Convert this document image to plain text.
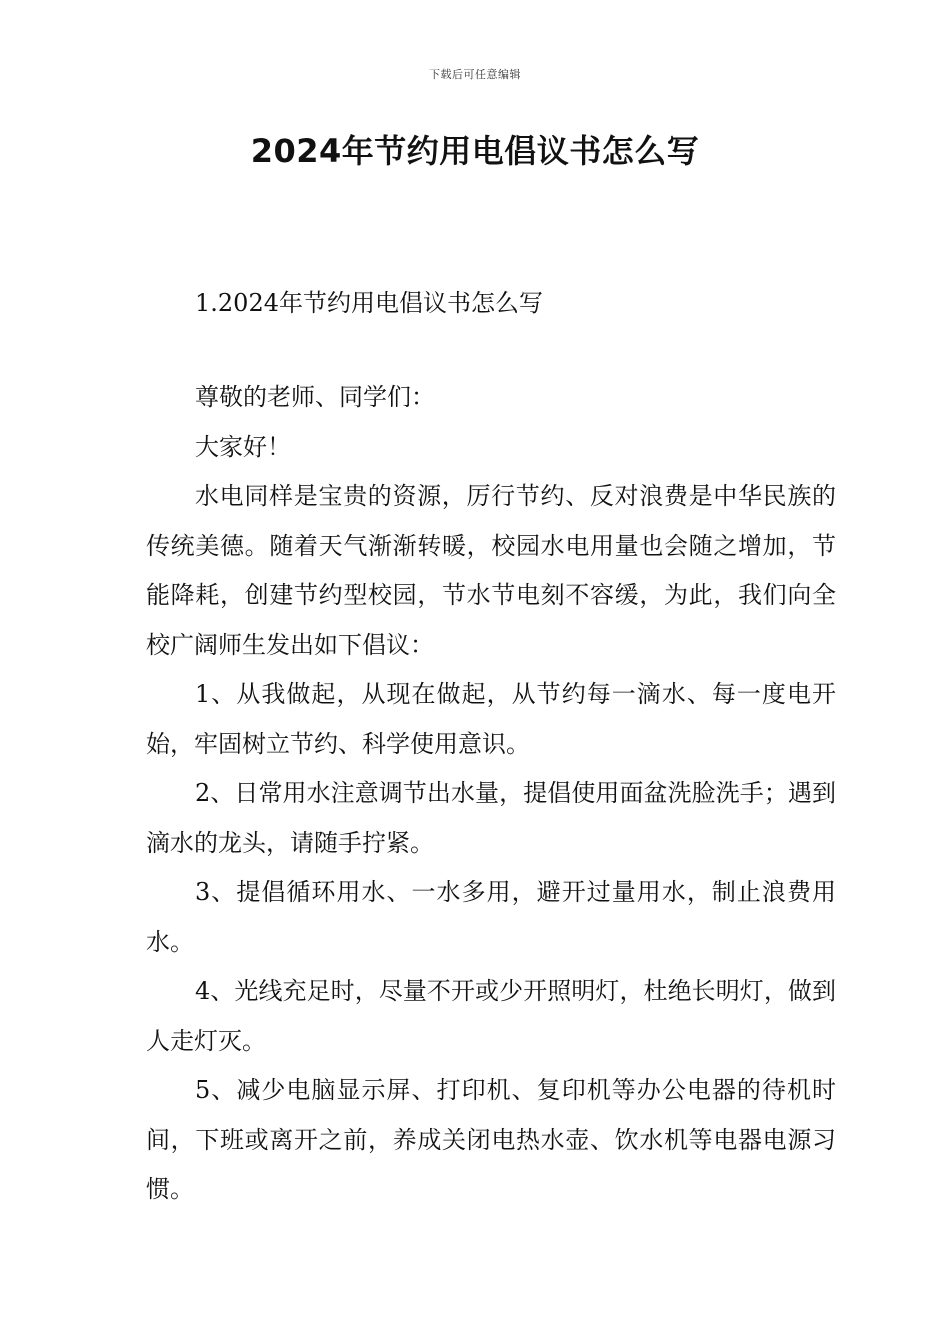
下载后可任意编辑
2024年节约用电倡议书怎么写
1.2024年节约用电倡议书怎么写

尊敬的老师、同学们：

大家好！

水电同样是宝贵的资源，厉行节约、反对浪费是中华民族的传统美德。随着天气渐渐转暖，校园水电用量也会随之增加，节能降耗，创建节约型校园，节水节电刻不容缓，为此，我们向全校广阔师生发出如下倡议：

1、从我做起，从现在做起，从节约每一滴水、每一度电开始，牢固树立节约、科学使用意识。

2、日常用水注意调节出水量，提倡使用面盆洗脸洗手；遇到滴水的龙头，请随手拧紧。

3、提倡循环用水、一水多用，避开过量用水，制止浪费用水。

4、光线充足时，尽量不开或少开照明灯，杜绝长明灯，做到人走灯灭。

5、减少电脑显示屏、打印机、复印机等办公电器的待机时间，下班或离开之前，养成关闭电热水壶、饮水机等电器电源习惯。
